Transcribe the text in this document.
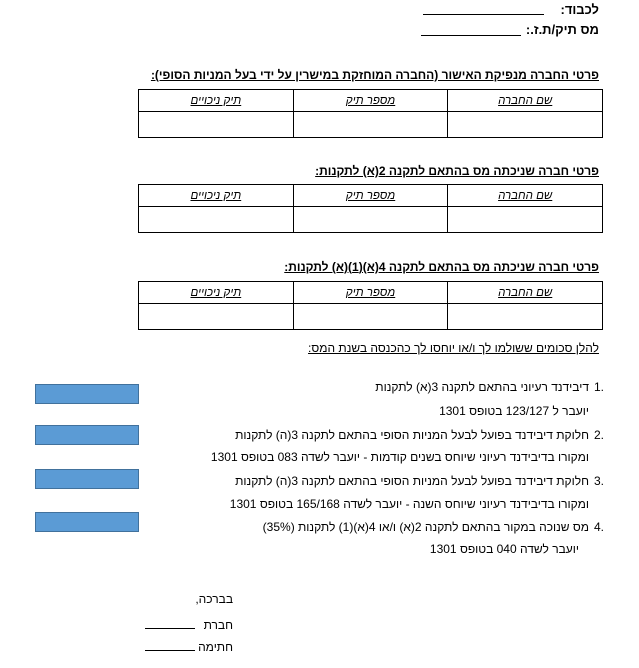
לכבוד:
מס תיק/ת.ז.:
פרטי החברה מנפיקת האישור (החברה המוחזקת במישרין על ידי בעל המניות הסופי):
שם החברה	מספר תיק	תיק ניכויים

פרטי חברה שניכתה מס בהתאם לתקנה 2(א) לתקנות:
שם החברה	מספר תיק	תיק ניכויים

פרטי חברה שניכתה מס בהתאם לתקנה 4(א)(1)(א) לתקנות:
שם החברה	מספר תיק	תיק ניכויים

להלן סכומים ששולמו לך ו/או יוחסו לך כהכנסה בשנת המס:
1.
דיבידנד רעיוני בהתאם לתקנה 3(א) לתקנות
יועבר ל 123/127 בטופס 1301
2.
חלוקת דיבידנד בפועל לבעל המניות הסופי בהתאם לתקנה 3(ה) לתקנות
ומקורו בדיבידנד רעיוני שיוחס בשנים קודמות - יועבר לשדה 083 בטופס 1301
3.
חלוקת דיבידנד בפועל לבעל המניות הסופי בהתאם לתקנה 3(ה) לתקנות
ומקורו בדיבידנד רעיוני שיוחס השנה - יועבר לשדה 165/168 בטופס 1301
4.
מס שנוכה במקור בהתאם לתקנה 2(א) ו/או 4(א)(1) לתקנות (35%)
יועבר לשדה 040 בטופס 1301
בברכה,
חברת
חתימה
